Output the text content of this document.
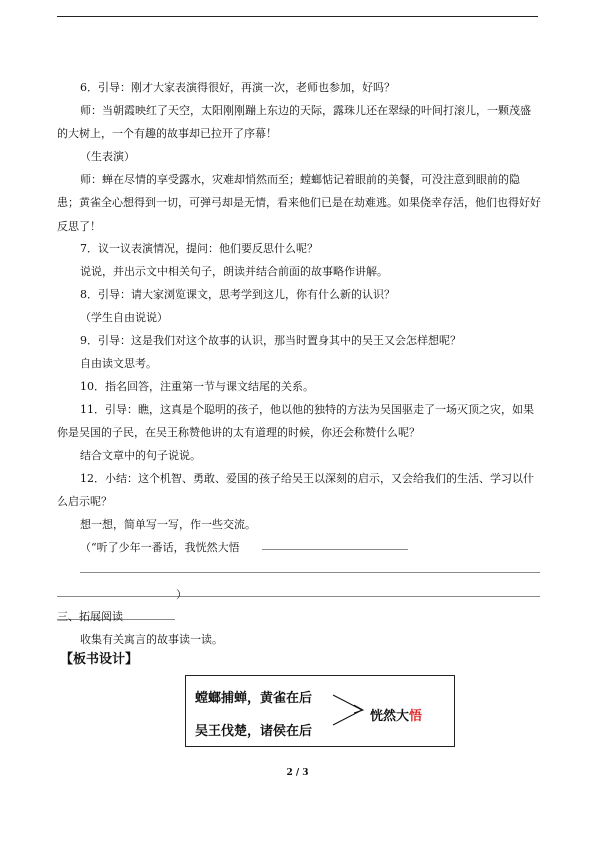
6．引导：刚才大家表演得很好，再演一次，老师也参加，好吗？

师：当朝霞映红了天空，太阳刚刚蹦上东边的天际，露珠儿还在翠绿的叶间打滚儿，一颗茂盛的大树上，一个有趣的故事却已拉开了序幕！

（生表演）

师：蝉在尽情的享受露水，灾难却悄然而至；螳螂惦记着眼前的美餐，可没注意到眼前的隐患；黄雀全心想得到一切，可弹弓却是无情，看来他们已是在劫难逃。如果侥幸存活，他们也得好好反思了！

7．议一议表演情况，提问：他们要反思什么呢？

说说，并出示文中相关句子，朗读并结合前面的故事略作讲解。

8．引导：请大家浏览课文，思考学到这儿，你有什么新的认识？

（学生自由说说）

9．引导：这是我们对这个故事的认识，那当时置身其中的吴王又会怎样想呢？

自由读文思考。

10．指名回答，注重第一节与课文结尾的关系。

11．引导：瞧，这真是个聪明的孩子，他以他的独特的方法为吴国驱走了一场灭顶之灾，如果你是吴国的子民，在吴王称赞他讲的太有道理的时候，你还会称赞什么呢？

结合文章中的句子说说。

12．小结：这个机智、勇敢、爱国的孩子给吴王以深刻的启示，又会给我们的生活、学习以什么启示呢？

想一想，简单写一写，作一些交流。

（“听了少年一番话，我恍然大悟

）

三、拓展阅读

收集有关寓言的故事读一读。

【板书设计】
螳螂捕蝉，黄雀在后
吴王伐楚，诸侯在后
恍然大悟
2 / 3
